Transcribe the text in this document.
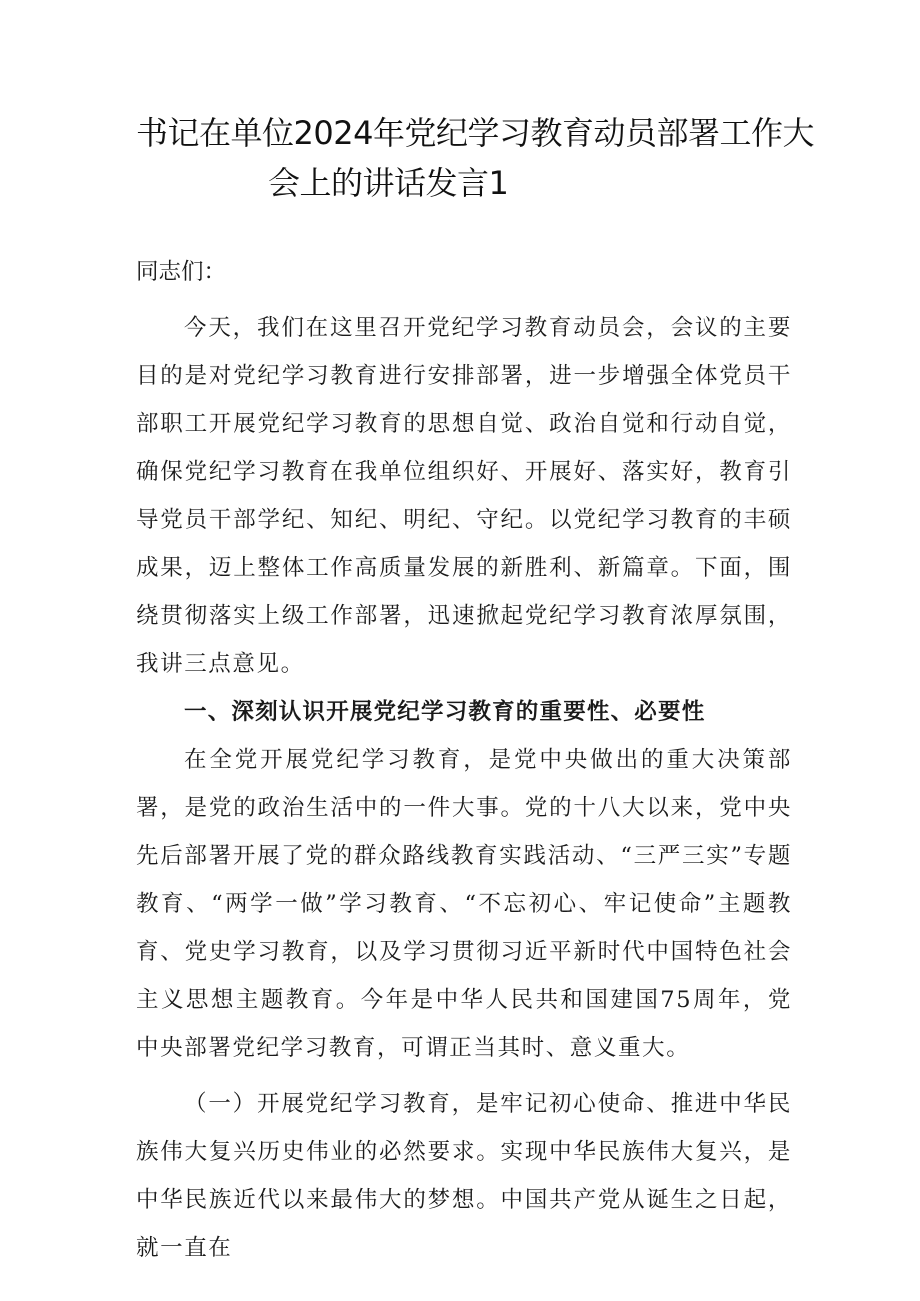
书记在单位2024年党纪学习教育动员部署工作大
会上的讲话发言1

同志们：

今天，我们在这里召开党纪学习教育动员会，会议的主要目的是对党纪学习教育进行安排部署，进一步增强全体党员干部职工开展党纪学习教育的思想自觉、政治自觉和行动自觉，确保党纪学习教育在我单位组织好、开展好、落实好，教育引导党员干部学纪、知纪、明纪、守纪。以党纪学习教育的丰硕成果，迈上整体工作高质量发展的新胜利、新篇章。下面，围绕贯彻落实上级工作部署，迅速掀起党纪学习教育浓厚氛围，我讲三点意见。

一、深刻认识开展党纪学习教育的重要性、必要性

在全党开展党纪学习教育，是党中央做出的重大决策部署，是党的政治生活中的一件大事。党的十八大以来，党中央先后部署开展了党的群众路线教育实践活动、“三严三实”专题教育、“两学一做”学习教育、“不忘初心、牢记使命”主题教育、党史学习教育，以及学习贯彻习近平新时代中国特色社会主义思想主题教育。今年是中华人民共和国建国75周年，党中央部署党纪学习教育，可谓正当其时、意义重大。

（一）开展党纪学习教育，是牢记初心使命、推进中华民族伟大复兴历史伟业的必然要求。实现中华民族伟大复兴，是中华民族近代以来最伟大的梦想。中国共产党从诞生之日起，就一直在
